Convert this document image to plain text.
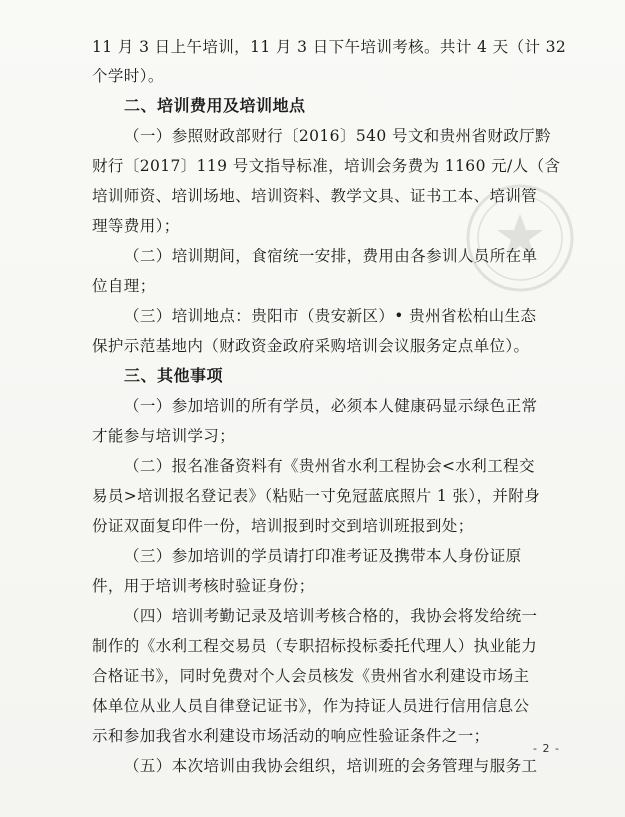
11 月 3 日上午培训，11 月 3 日下午培训考核。共计 4 天（计 32
个学时）。
二、培训费用及培训地点
（一）参照财政部财行〔2016〕540 号文和贵州省财政厅黔
财行〔2017〕119 号文指导标准，培训会务费为 1160 元/人（含
培训师资、培训场地、培训资料、教学文具、证书工本、培训管
理等费用）；
（二）培训期间，食宿统一安排，费用由各参训人员所在单
位自理；
（三）培训地点：贵阳市（贵安新区）• 贵州省松柏山生态
保护示范基地内（财政资金政府采购培训会议服务定点单位）。
三、其他事项
（一）参加培训的所有学员，必须本人健康码显示绿色正常
才能参与培训学习；
（二）报名准备资料有《贵州省水利工程协会<水利工程交
易员>培训报名登记表》（粘贴一寸免冠蓝底照片 1 张），并附身
份证双面复印件一份，培训报到时交到培训班报到处；
（三）参加培训的学员请打印准考证及携带本人身份证原
件，用于培训考核时验证身份；
（四）培训考勤记录及培训考核合格的，我协会将发给统一
制作的《水利工程交易员（专职招标投标委托代理人）执业能力
合格证书》，同时免费对个人会员核发《贵州省水利建设市场主
体单位从业人员自律登记证书》，作为持证人员进行信用信息公
示和参加我省水利建设市场活动的响应性验证条件之一；
（五）本次培训由我协会组织，培训班的会务管理与服务工
- 2 -
